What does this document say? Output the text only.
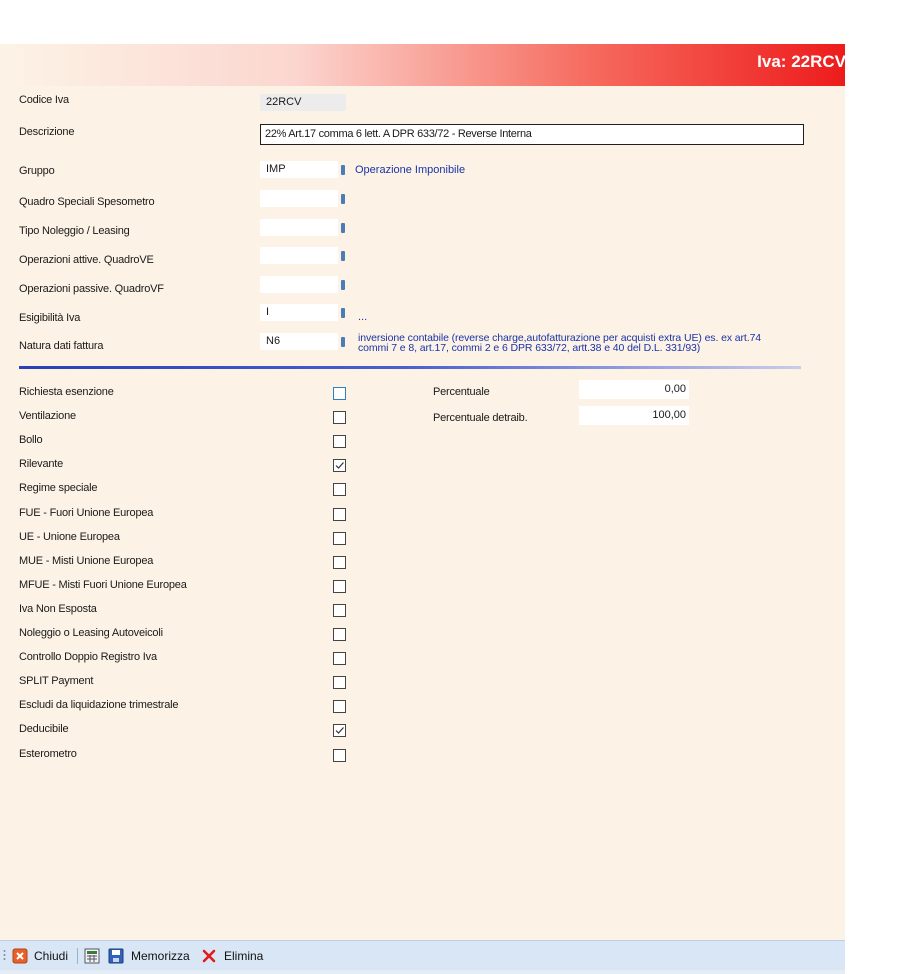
Iva: 22RCV
Codice Iva	22RCV
Descrizione	22% Art.17 comma 6 lett. A DPR 633/72 - Reverse Interna
Gruppo	IMP	Operazione Imponibile
Quadro Speciali Spesometro
Tipo Noleggio / Leasing
Operazioni attive. QuadroVE
Operazioni passive. QuadroVF
Esigibilità Iva	I	...
Natura dati fattura	N6	inversione contabile (reverse charge,autofatturazione per acquisti extra UE) es. ex art.74
commi 7 e 8, art.17, commi 2 e 6 DPR 633/72, artt.38 e 40 del D.L. 331/93)
Richiesta esenzione
Ventilazione
Bollo
Rilevante
Regime speciale
FUE - Fuori Unione Europea
UE - Unione Europea
MUE - Misti Unione Europea
MFUE - Misti Fuori Unione Europea
Iva Non Esposta
Noleggio o Leasing Autoveicoli
Controllo Doppio Registro Iva
SPLIT Payment
Escludi da liquidazione trimestrale
Deducibile
Esterometro
Percentuale	0,00
Percentuale detraib.	100,00
Chiudi	Memorizza	Elimina
